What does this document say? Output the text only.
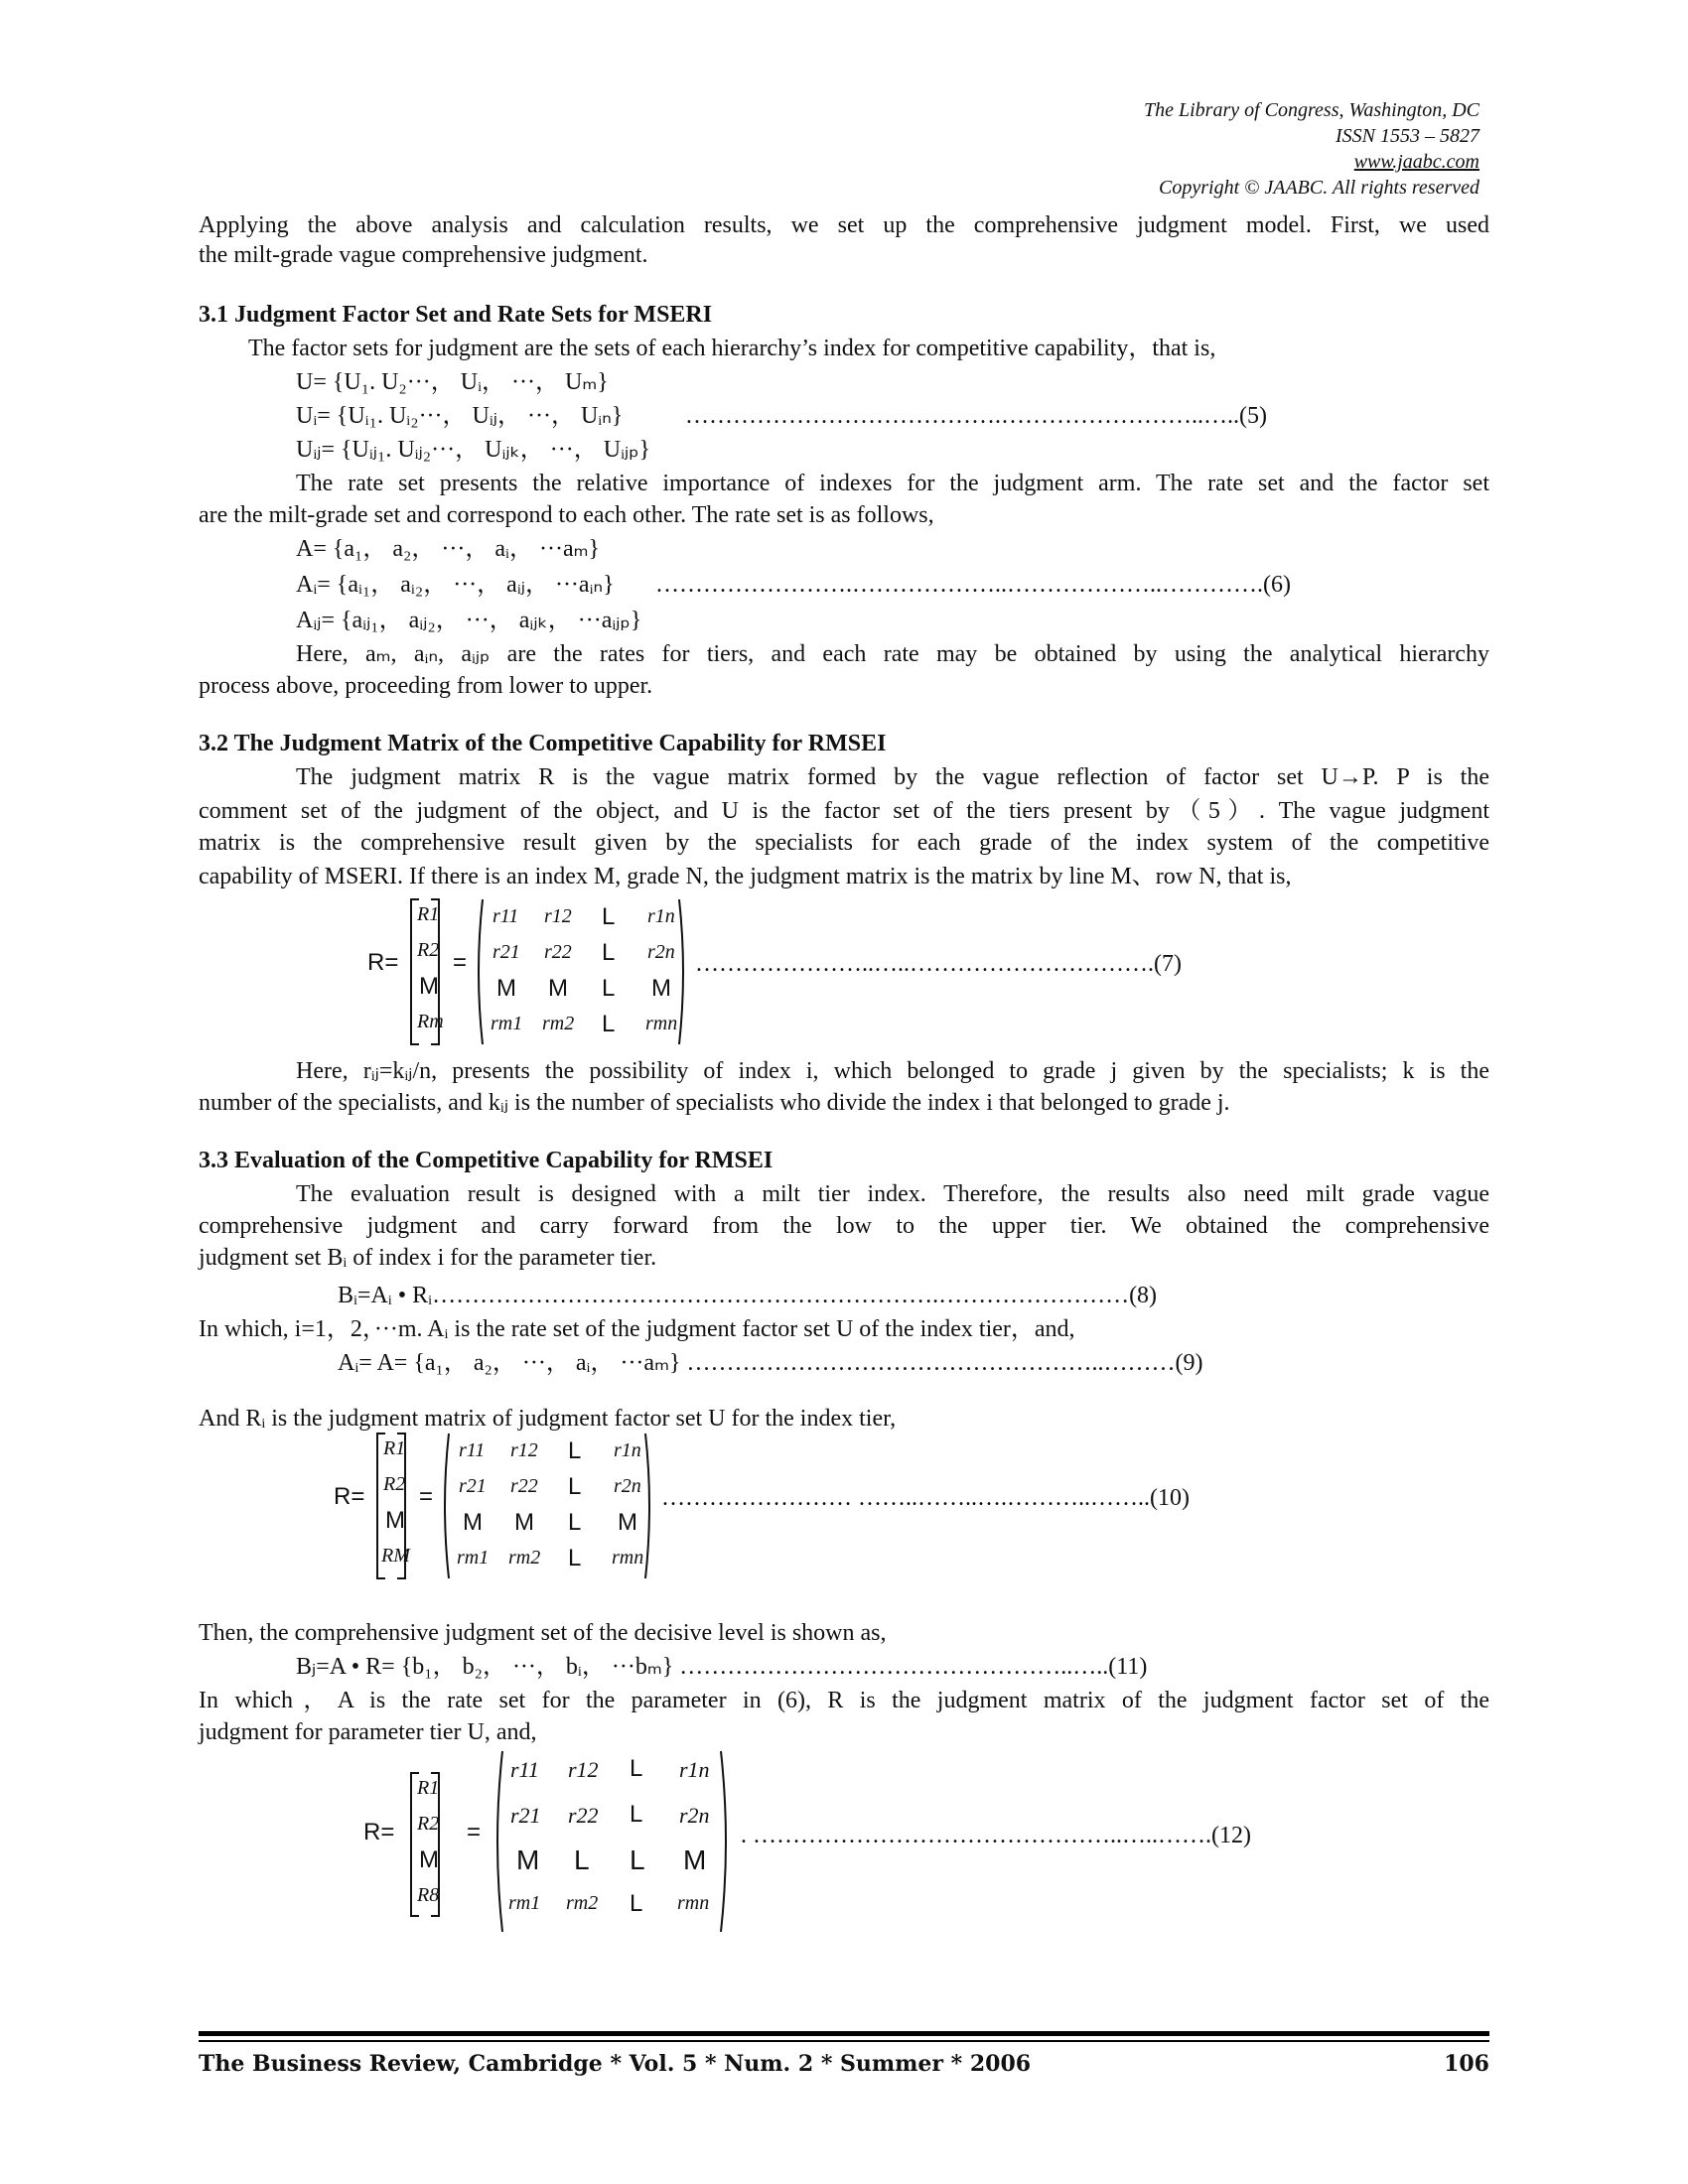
The Library of Congress, Washington, DC
ISSN 1553 – 5827
www.jaabc.com
Copyright © JAABC. All rights reserved
Applying the above analysis and calculation results, we set up the comprehensive judgment model. First, we used
the milt-grade vague comprehensive judgment.
3.1 Judgment Factor Set and Rate Sets for MSERI
The factor sets for judgment are the sets of each hierarchy’s index for competitive capability，that is,
U= {U₁. U₂···， Uᵢ， ···， Uₘ}
Uᵢ= {Uᵢ₁. Uᵢ₂···， Uᵢⱼ， ···， Uᵢₙ}	………………………………….……………………..…..(5)
Uᵢⱼ= {Uᵢⱼ₁. Uᵢⱼ₂···， Uᵢⱼₖ， ···， Uᵢⱼₚ}
The rate set presents the relative importance of indexes for the judgment arm. The rate set and the factor set
are the milt-grade set and correspond to each other. The rate set is as follows,
A= {a₁， a₂， ···， aᵢ， ···aₘ}
Aᵢ= {aᵢ₁， aᵢ₂， ···， aᵢⱼ， ···aᵢₙ} …………………….………………..………………..………….(6)
Aᵢⱼ= {aᵢⱼ₁， aᵢⱼ₂， ···， aᵢⱼₖ， ···aᵢⱼₚ}
Here, aₘ, aᵢₙ, aᵢⱼₚ are the rates for tiers, and each rate may be obtained by using the analytical hierarchy
process above, proceeding from lower to upper.
3.2 The Judgment Matrix of the Competitive Capability for RMSEI
The judgment matrix R is the vague matrix formed by the vague reflection of factor set U→P. P is the
comment set of the judgment of the object, and U is the factor set of the tiers present by（5）. The vague judgment
matrix is the comprehensive result given by the specialists for each grade of the index system of the competitive
capability of MSERI. If there is an index M, grade N, the judgment matrix is the matrix by line M、row N, that is,
R=
R1
R2
M
Rm
=
r11 r12 L r1n
r21 r22 L r2n
M M L M
rm1 rm2 L rmn
…………………..…..………………………….(7)
Here, rᵢⱼ=kᵢⱼ/n, presents the possibility of index i, which belonged to grade j given by the specialists; k is the
number of the specialists, and kᵢⱼ is the number of specialists who divide the index i that belonged to grade j.
3.3 Evaluation of the Competitive Capability for RMSEI
The evaluation result is designed with a milt tier index. Therefore, the results also need milt grade vague
comprehensive judgment and carry forward from the low to the upper tier. We obtained the comprehensive
judgment set Bᵢ of index i for the parameter tier.
Bᵢ=Aᵢ • Rᵢ……………………………………………………….……………………(8)
In which, i=1，2，···m. Aᵢ is the rate set of the judgment factor set U of the index tier，and,
Aᵢ= A= {a₁， a₂， ···， aᵢ， ···aₘ} ……………………………………………..………(9)
And Rᵢ is the judgment matrix of judgment factor set U for the index tier,
R=
R1
R2
M
RM
=
r11 r12 L r1n
r21 r22 L r2n
M M L M
rm1 rm2 L rmn
…………………… ……..……..….………..……..(10)
Then, the comprehensive judgment set of the decisive level is shown as,
Bⱼ=A • R= {b₁， b₂， ···， bᵢ， ···bₘ} …………………………………………..…..(11)
In which，A is the rate set for the parameter in (6), R is the judgment matrix of the judgment factor set of the
judgment for parameter tier U, and,
R=
R1
R2
M
R8
=
r11 r12 L r1n
r21 r22 L r2n
M L L M
rm1 rm2 L rmn
. ………………………………………..…..…….(12)
The Business Review, Cambridge * Vol. 5 * Num. 2 * Summer * 2006	106
